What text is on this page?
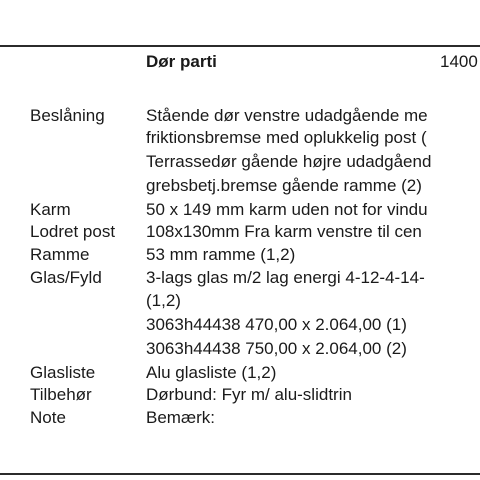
Dør parti	1400
Beslåning Stående dør venstre udadgående me
friktionsbremse med oplukkelig post (
Terrassedør gående højre udadgåend
grebsbetj.bremse gående ramme (2)
Karm	50 x 149 mm karm uden not for vindu
Lodret post 108x130mm Fra karm venstre til cen
Ramme	53 mm ramme (1,2)
Glas/Fyld	3-lags glas m/2 lag energi 4-12-4-14-
(1,2)
3063h44438 470,00 x 2.064,00 (1)
3063h44438 750,00 x 2.064,00 (2)
Glasliste	Alu glasliste (1,2)
Tilbehør	Dørbund: Fyr m/ alu-slidtrin
Note	Bemærk:
